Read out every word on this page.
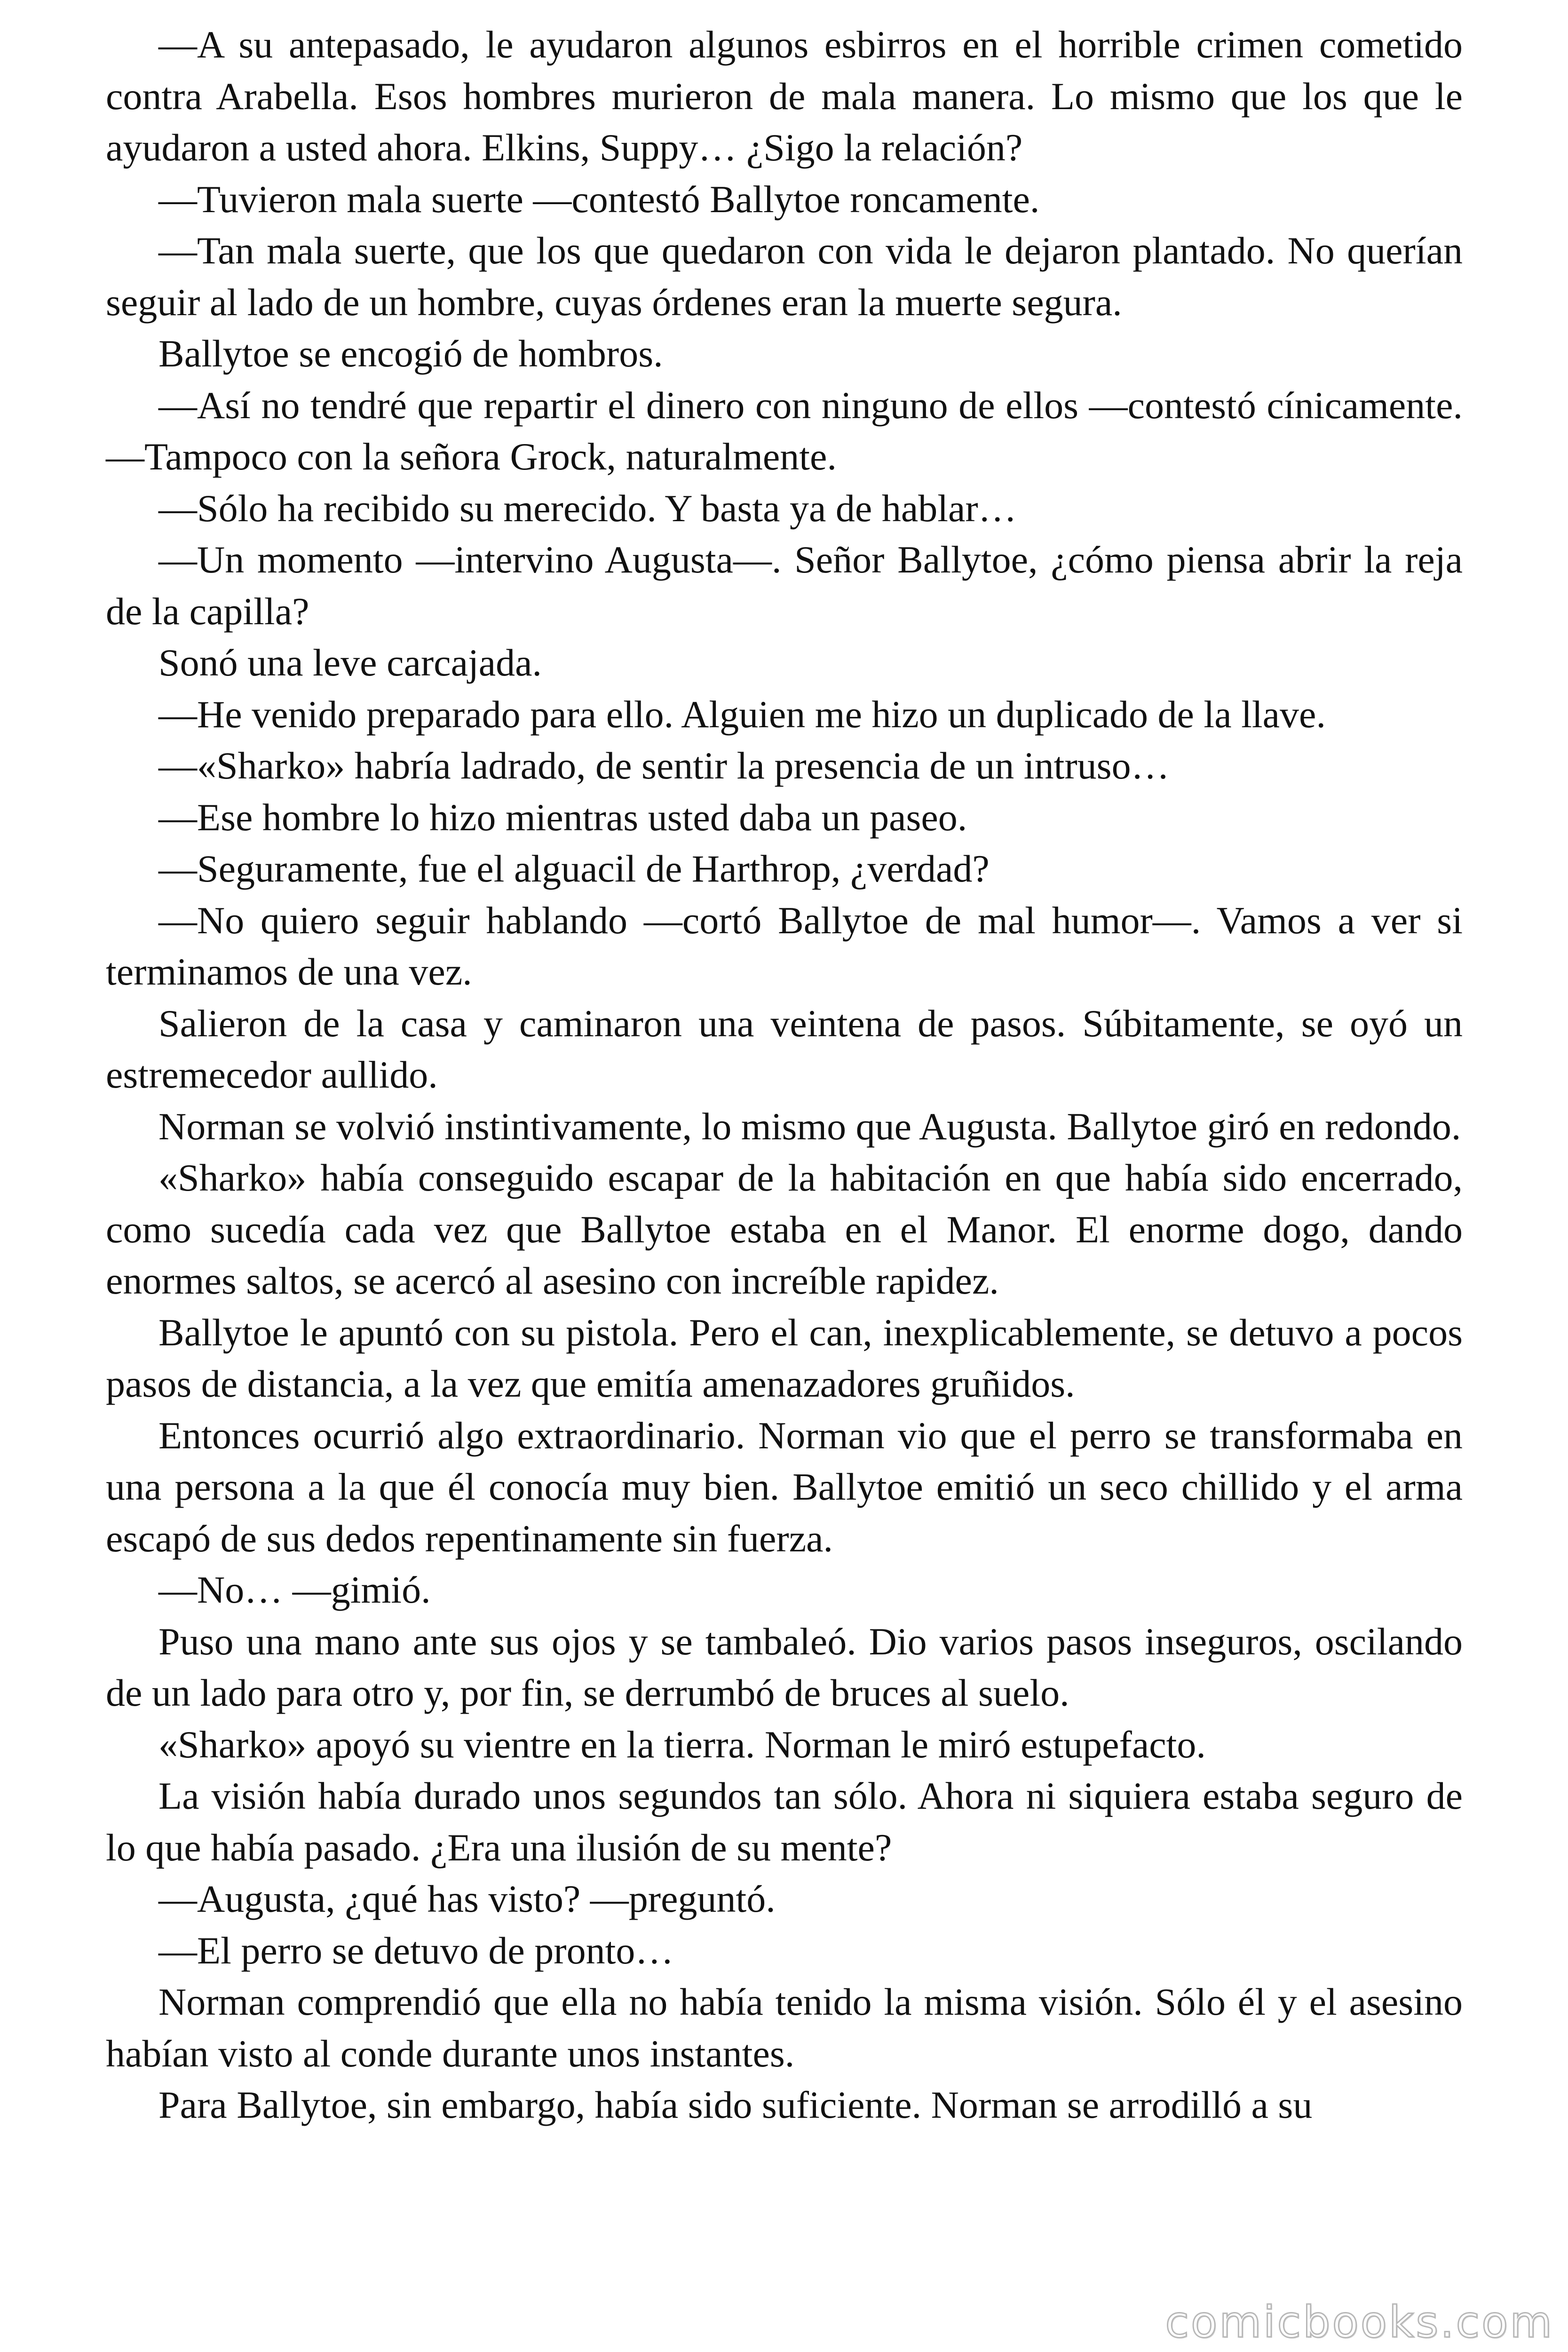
—A su antepasado, le ayudaron algunos esbirros en el horrible crimen cometido contra Arabella. Esos hombres murieron de mala manera. Lo mismo que los que le ayudaron a usted ahora. Elkins, Suppy… ¿Sigo la relación?

—Tuvieron mala suerte —contestó Ballytoe roncamente.

—Tan mala suerte, que los que quedaron con vida le dejaron plantado. No querían seguir al lado de un hombre, cuyas órdenes eran la muerte segura.

Ballytoe se encogió de hombros.

—Así no tendré que repartir el dinero con ninguno de ellos —contestó cínicamente. —Tampoco con la señora Grock, naturalmente.

—Sólo ha recibido su merecido. Y basta ya de hablar…

—Un momento —intervino Augusta—. Señor Ballytoe, ¿cómo piensa abrir la reja de la capilla?

Sonó una leve carcajada.

—He venido preparado para ello. Alguien me hizo un duplicado de la llave.

—«Sharko» habría ladrado, de sentir la presencia de un intruso…

—Ese hombre lo hizo mientras usted daba un paseo.

—Seguramente, fue el alguacil de Harthrop, ¿verdad?

—No quiero seguir hablando —cortó Ballytoe de mal humor—. Vamos a ver si terminamos de una vez.

Salieron de la casa y caminaron una veintena de pasos. Súbitamente, se oyó un estremecedor aullido.

Norman se volvió instintivamente, lo mismo que Augusta. Ballytoe giró en redondo.

«Sharko» había conseguido escapar de la habitación en que había sido encerrado, como sucedía cada vez que Ballytoe estaba en el Manor. El enorme dogo, dando enormes saltos, se acercó al asesino con increíble rapidez.

Ballytoe le apuntó con su pistola. Pero el can, inexplicablemente, se detuvo a pocos pasos de distancia, a la vez que emitía amenazadores gruñidos.

Entonces ocurrió algo extraordinario. Norman vio que el perro se transformaba en una persona a la que él conocía muy bien. Ballytoe emitió un seco chillido y el arma escapó de sus dedos repentinamente sin fuerza.

—No… —gimió.

Puso una mano ante sus ojos y se tambaleó. Dio varios pasos inseguros, oscilando de un lado para otro y, por fin, se derrumbó de bruces al suelo.

«Sharko» apoyó su vientre en la tierra. Norman le miró estupefacto.

La visión había durado unos segundos tan sólo. Ahora ni siquiera estaba seguro de lo que había pasado. ¿Era una ilusión de su mente?

—Augusta, ¿qué has visto? —preguntó.

—El perro se detuvo de pronto…

Norman comprendió que ella no había tenido la misma visión. Sólo él y el asesino habían visto al conde durante unos instantes.

Para Ballytoe, sin embargo, había sido suficiente. Norman se arrodilló a su

comicbooks.com
